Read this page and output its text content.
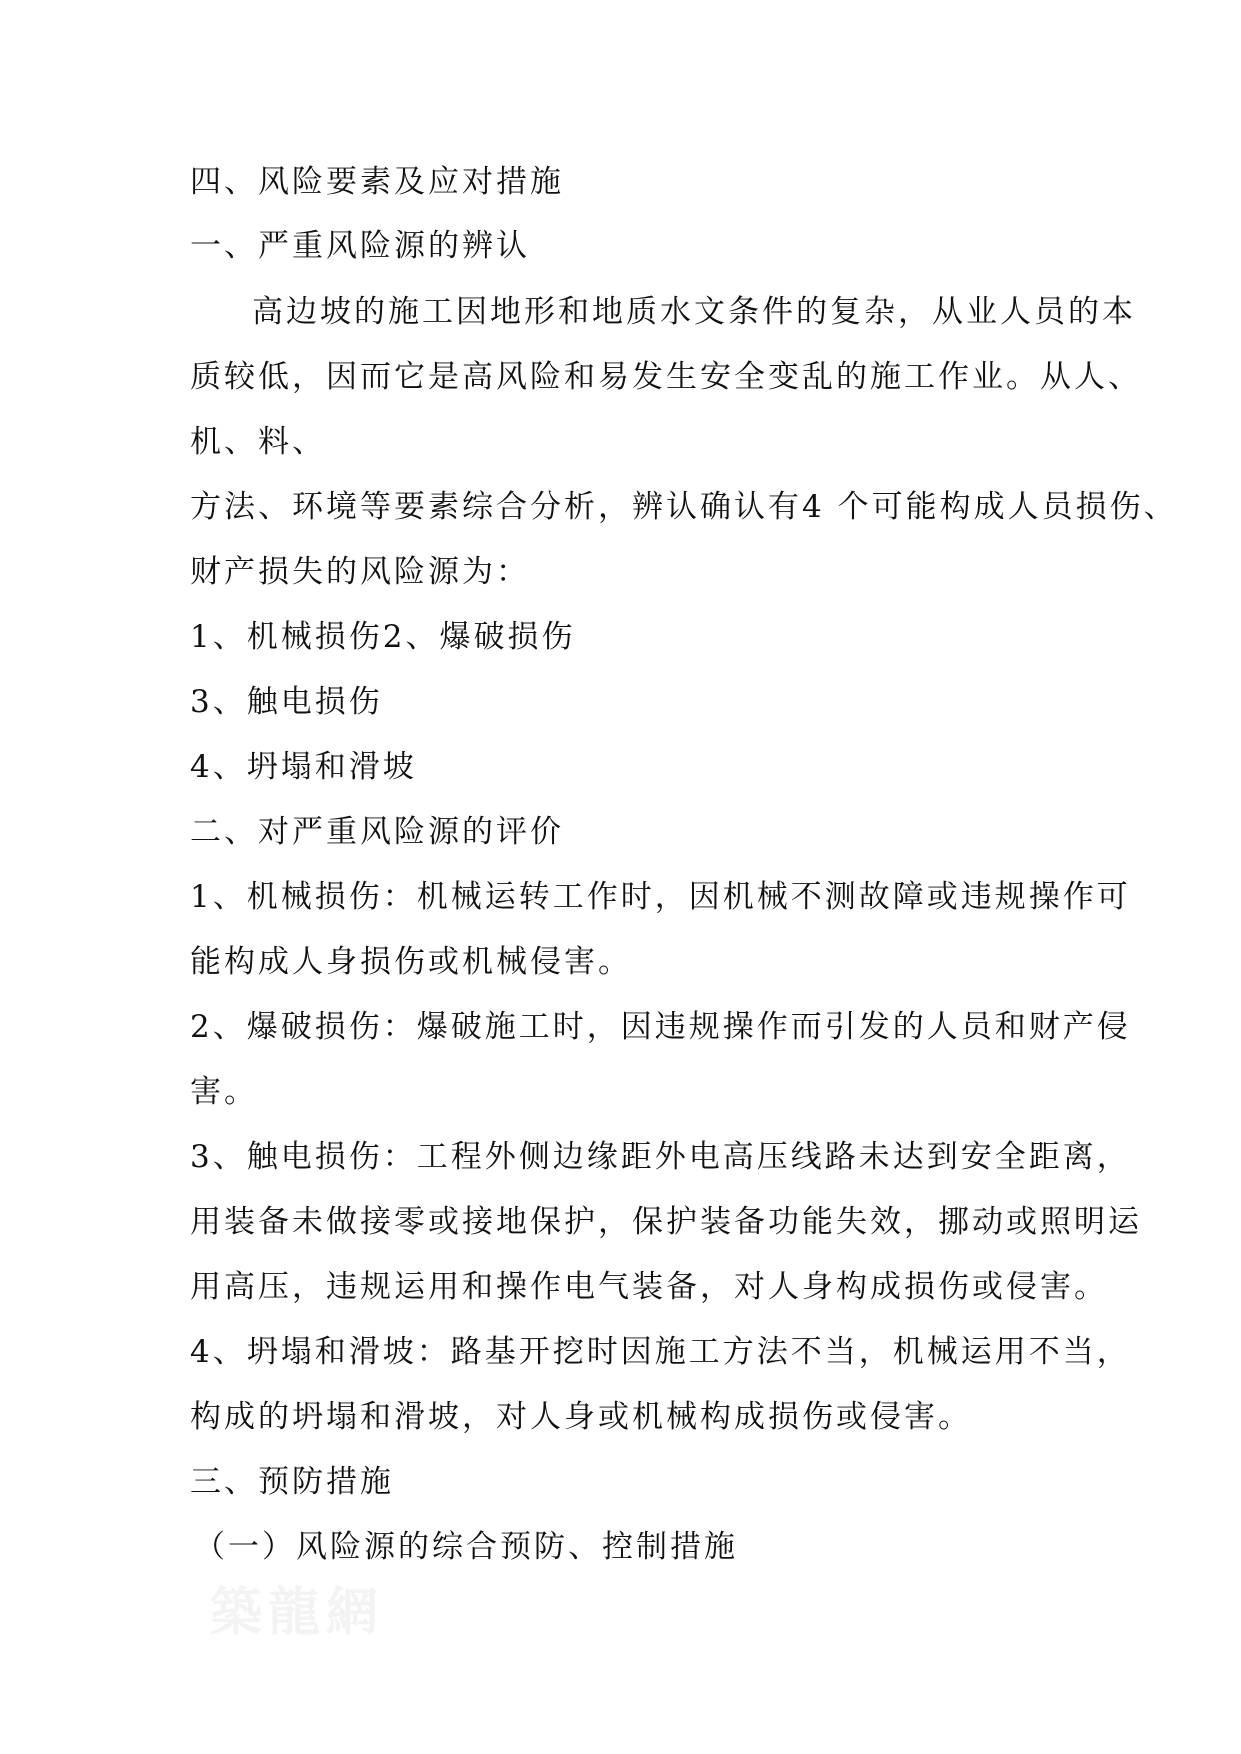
四、风险要素及应对措施
一、严重风险源的辨认
高边坡的施工因地形和地质水文条件的复杂，从业人员的本
质较低，因而它是高风险和易发生安全变乱的施工作业。从人、
机、料、
方法、环境等要素综合分析，辨认确认有4 个可能构成人员损伤、
财产损失的风险源为：
1、机械损伤2、爆破损伤
3、触电损伤
4、坍塌和滑坡
二、对严重风险源的评价
1、机械损伤：机械运转工作时，因机械不测故障或违规操作可
能构成人身损伤或机械侵害。
2、爆破损伤：爆破施工时，因违规操作而引发的人员和财产侵
害。
3、触电损伤：工程外侧边缘距外电高压线路未达到安全距离，
用装备未做接零或接地保护，保护装备功能失效，挪动或照明运
用高压，违规运用和操作电气装备，对人身构成损伤或侵害。
4、坍塌和滑坡：路基开挖时因施工方法不当，机械运用不当，
构成的坍塌和滑坡，对人身或机械构成损伤或侵害。
三、预防措施
（一）风险源的综合预防、控制措施
築龍網
